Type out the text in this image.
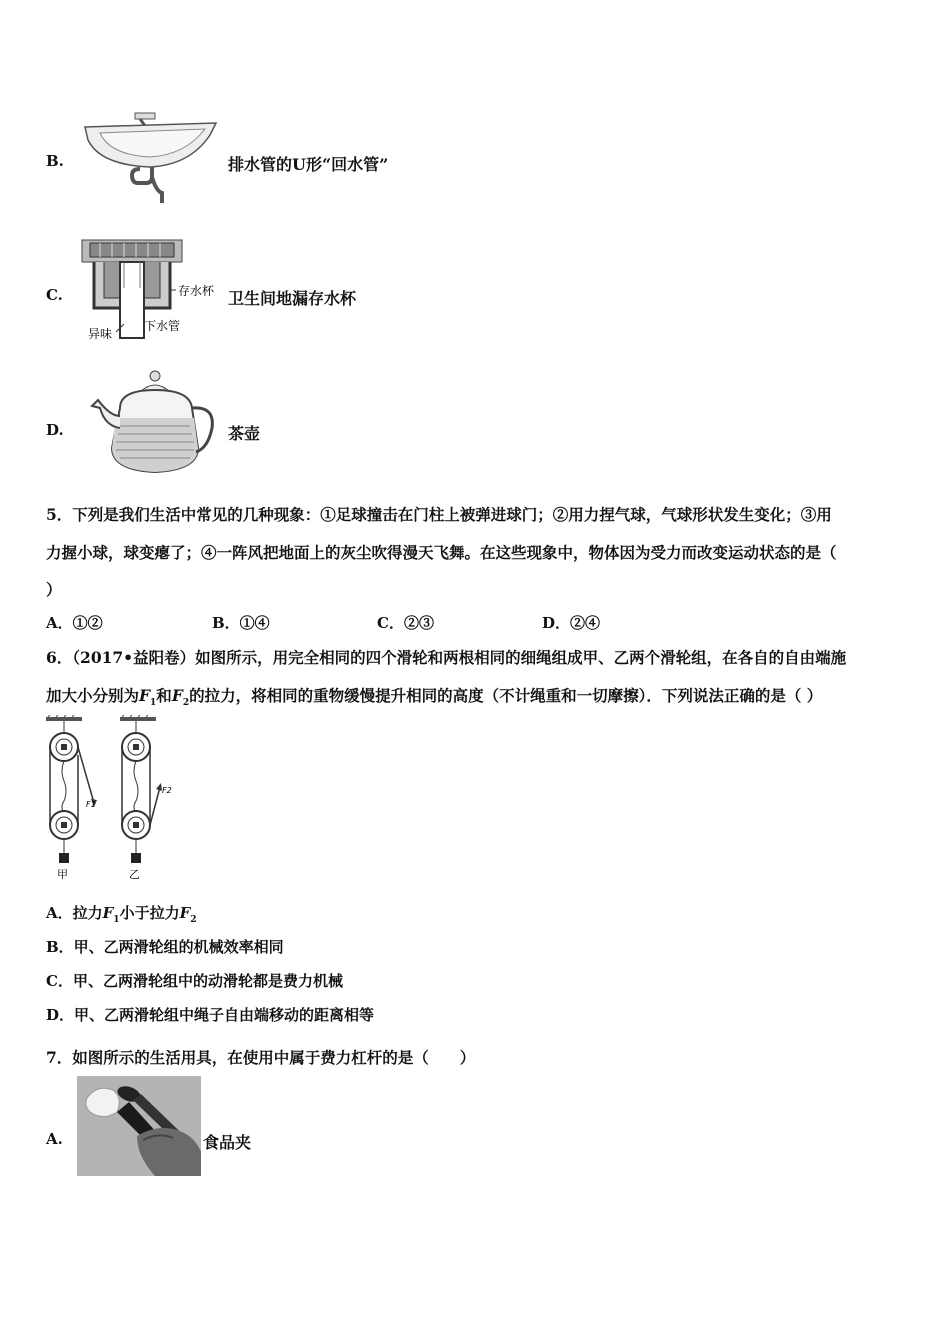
B.	排水管的U形“回水管”
C.	存水杯
异味
下水管
卫生间地漏存水杯
D.	茶壶
5．下列是我们生活中常见的几种现象：①足球撞击在门柱上被弹进球门；②用力捏气球，气球形状发生变化；③用
力握小球，球变瘪了；④一阵风把地面上的灰尘吹得漫天飞舞。在这些现象中，物体因为受力而改变运动状态的是（
）
A．①②	B．①④	C．②③	D．②④
6．（2017•益阳卷）如图所示，用完全相同的四个滑轮和两根相同的细绳组成甲、乙两个滑轮组，在各自的自由端施
加大小分别为$F_1$和$F_2$的拉力，将相同的重物缓慢提升相同的高度（不计绳重和一切摩擦）．下列说法正确的是（ ）
F1
甲
F2
乙
A．拉力$F_1$小于拉力$F_2$
B．甲、乙两滑轮组的机械效率相同
C．甲、乙两滑轮组中的动滑轮都是费力机械
D．甲、乙两滑轮组中绳子自由端移动的距离相等
7．如图所示的生活用具，在使用中属于费力杠杆的是（　　）
A.	食品夹
